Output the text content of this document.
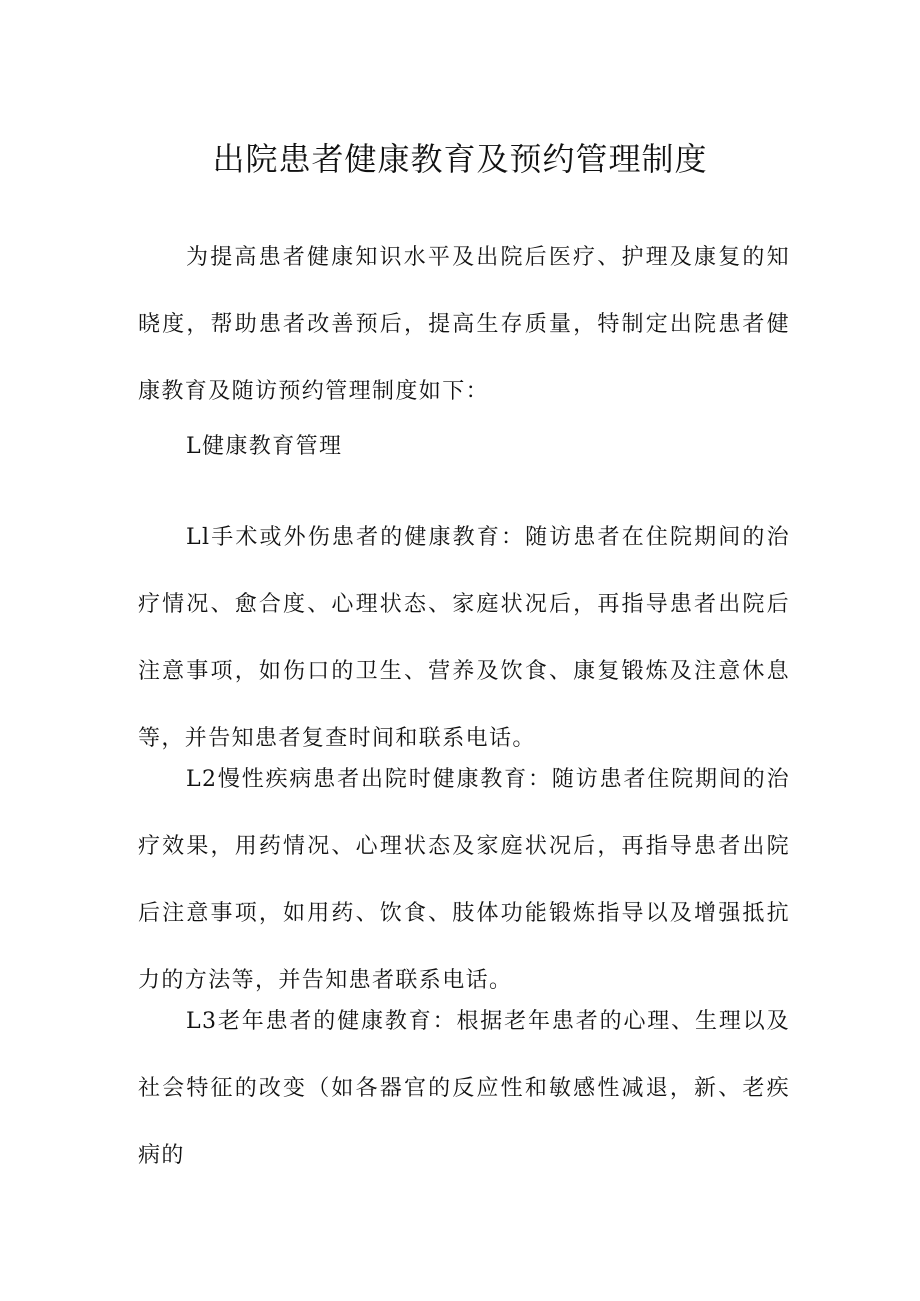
出院患者健康教育及预约管理制度

为提高患者健康知识水平及出院后医疗、护理及康复的知晓度，帮助患者改善预后，提高生存质量，特制定出院患者健康教育及随访预约管理制度如下：

L健康教育管理

Ll手术或外伤患者的健康教育：随访患者在住院期间的治疗情况、愈合度、心理状态、家庭状况后，再指导患者出院后注意事项，如伤口的卫生、营养及饮食、康复锻炼及注意休息等，并告知患者复查时间和联系电话。

L2慢性疾病患者出院时健康教育：随访患者住院期间的治疗效果，用药情况、心理状态及家庭状况后，再指导患者出院后注意事项，如用药、饮食、肢体功能锻炼指导以及增强抵抗力的方法等，并告知患者联系电话。

L3老年患者的健康教育：根据老年患者的心理、生理以及社会特征的改变（如各器官的反应性和敏感性减退，新、老疾病的
